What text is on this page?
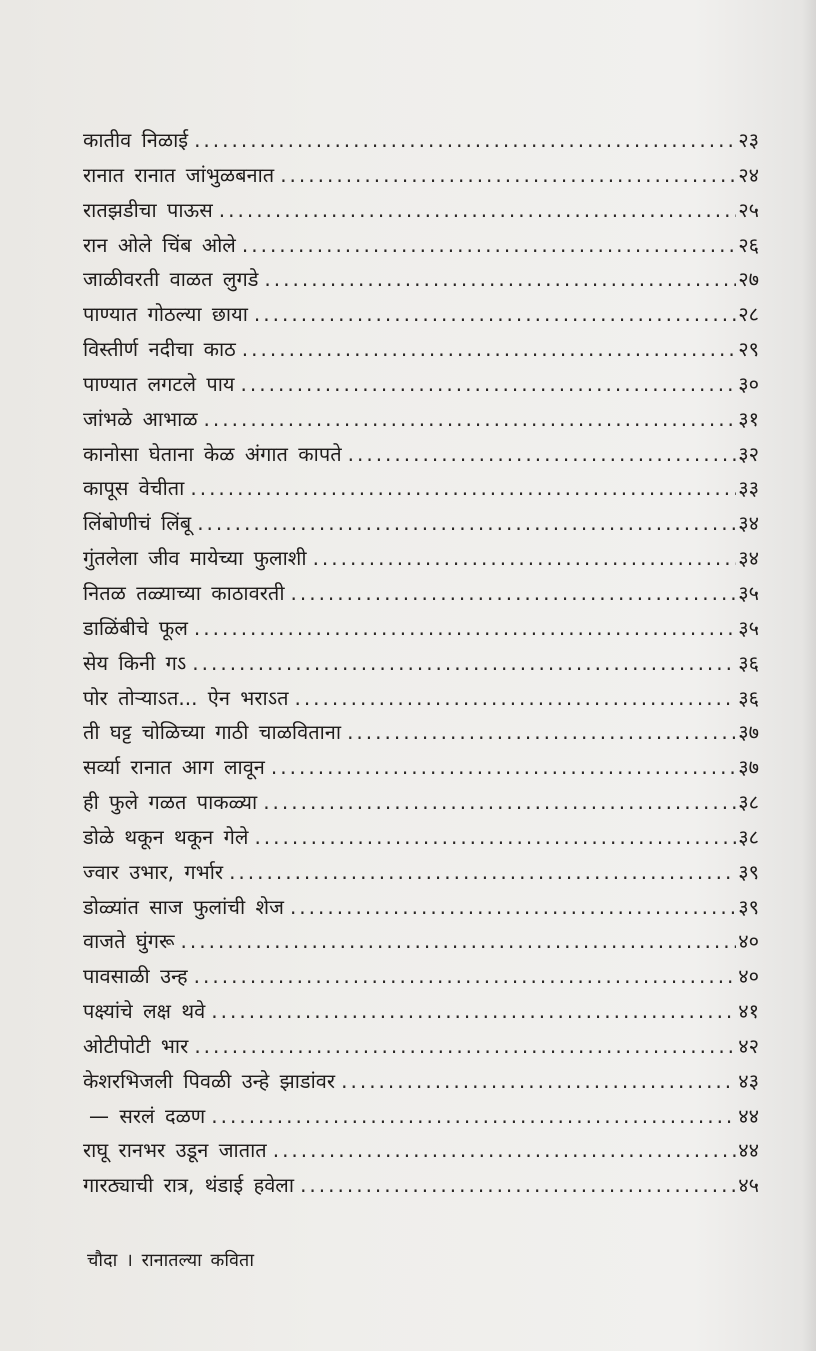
कातीव निळाई .....	२३
रानात रानात जांभुळबनात .....	२४
रातझडीचा पाऊस .....	२५
रान ओले चिंब ओले .....	२६
जाळीवरती वाळत लुगडे .....	२७
पाण्यात गोठल्या छाया .....	२८
विस्तीर्ण नदीचा काठ .....	२९
पाण्यात लगटले पाय .....	३०
जांभळे आभाळ .....	३१
कानोसा घेताना केळ अंगात कापते .....	३२
कापूस वेचीता .....	३३
लिंबोणीचं लिंबू .....	३४
गुंतलेला जीव मायेच्या फुलाशी .....	३४
नितळ तळ्याच्या काठावरती .....	३५
डाळिंबीचे फूल .....	३५
सेय किनी गऽ .....	३६
पोर तोऱ्याऽत... ऐन भराऽत .....	३६
ती घट्ट चोळिच्या गाठी चाळविताना .....	३७
सर्व्या रानात आग लावून .....	३७
ही फुले गळत पाकळ्या .....	३८
डोळे थकून थकून गेले .....	३८
ज्वार उभार, गर्भार .....	३९
डोळ्यांत साज फुलांची शेज .....	३९
वाजते घुंगरू .....	४०
पावसाळी उन्ह .....	४०
पक्ष्यांचे लक्ष थवे .....	४१
ओटीपोटी भार .....	४२
केशरभिजली पिवळी उन्हे झाडांवर .....	४३
— सरलं दळण .....	४४
राघू रानभर उडून जातात .....	४४
गारठ्याची रात्र, थंडाई हवेला .....	४५
चौदा । रानातल्या कविता
